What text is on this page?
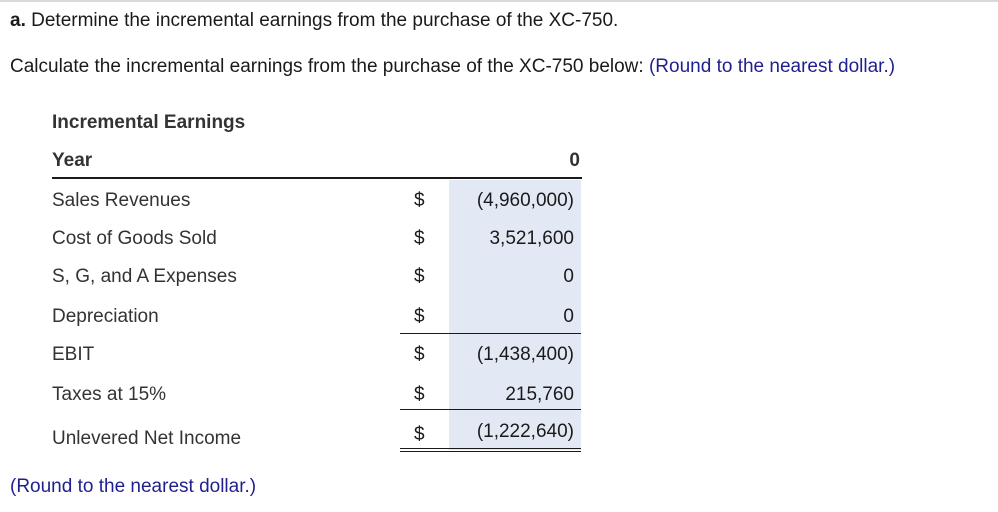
a. Determine the incremental earnings from the purchase of the XC-750.
Calculate the incremental earnings from the purchase of the XC-750 below: (Round to the nearest dollar.)
Incremental Earnings
Year	0
Sales Revenues	$	(4,960,000)
Cost of Goods Sold	$	3,521,600
S, G, and A Expenses	$	0
Depreciation	$	0
EBIT	$	(1,438,400)
Taxes at 15%	$	215,760
Unlevered Net Income	$	(1,222,640)
(Round to the nearest dollar.)
